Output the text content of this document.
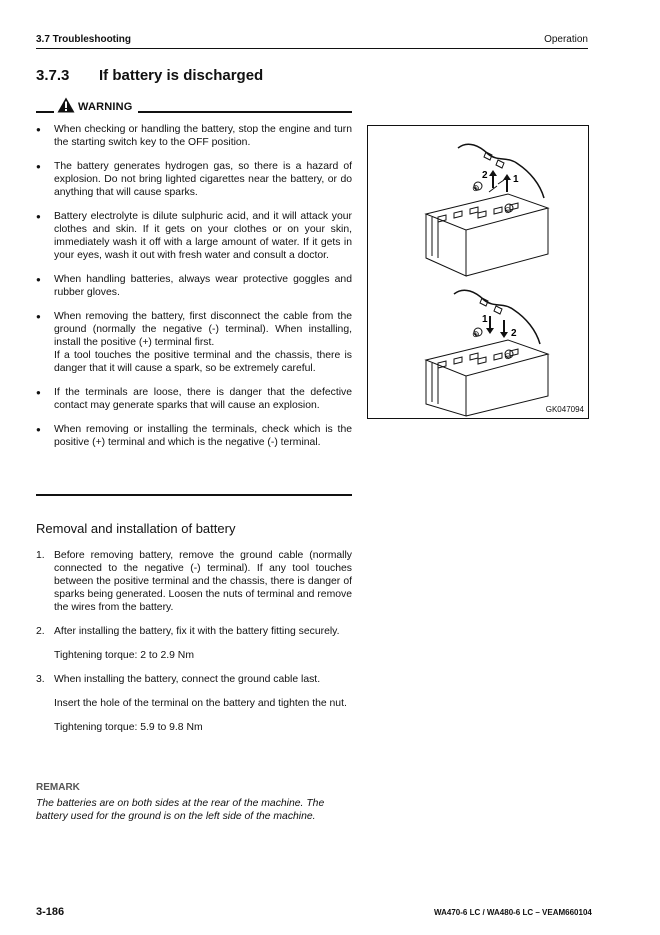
3.7 Troubleshooting	Operation
3.7.3 If battery is discharged
WARNING
● When checking or handling the battery, stop the engine and turn the starting switch key to the OFF position.
● The battery generates hydrogen gas, so there is a hazard of explosion. Do not bring lighted cigarettes near the battery, or do anything that will cause sparks.
● Battery electrolyte is dilute sulphuric acid, and it will attack your clothes and skin. If it gets on your clothes or on your skin, immediately wash it off with a large amount of water. If it gets in your eyes, wash it out with fresh water and consult a doctor.
● When handling batteries, always wear protective goggles and rubber gloves.
● When removing the battery, first disconnect the cable from the ground (normally the negative (-) terminal). When installing, install the positive (+) terminal first.
If a tool touches the positive terminal and the chassis, there is danger that it will cause a spark, so be extremely careful.
● If the terminals are loose, there is danger that the defective contact may generate sparks that will cause an explosion.
● When removing or installing the terminals, check which is the positive (+) terminal and which is the negative (-) terminal.
Removal and installation of battery
1. Before removing battery, remove the ground cable (normally connected to the negative (-) terminal). If any tool touches between the positive terminal and the chassis, there is danger of sparks being generated. Loosen the nuts of terminal and remove the wires from the battery.

2. After installing the battery, fix it with the battery fitting securely.

Tightening torque: 2 to 2.9 Nm

3. When installing the battery, connect the ground cable last.

Insert the hole of the terminal on the battery and tighten the nut.

Tightening torque: 5.9 to 9.8 Nm

REMARK
The batteries are on both sides at the rear of the machine. The battery used for the ground is on the left side of the machine.
2	1
⊕
⊖
1
2
⊕
⊖
GK047094
3-186	WA470-6 LC / WA480-6 LC – VEAM660104
